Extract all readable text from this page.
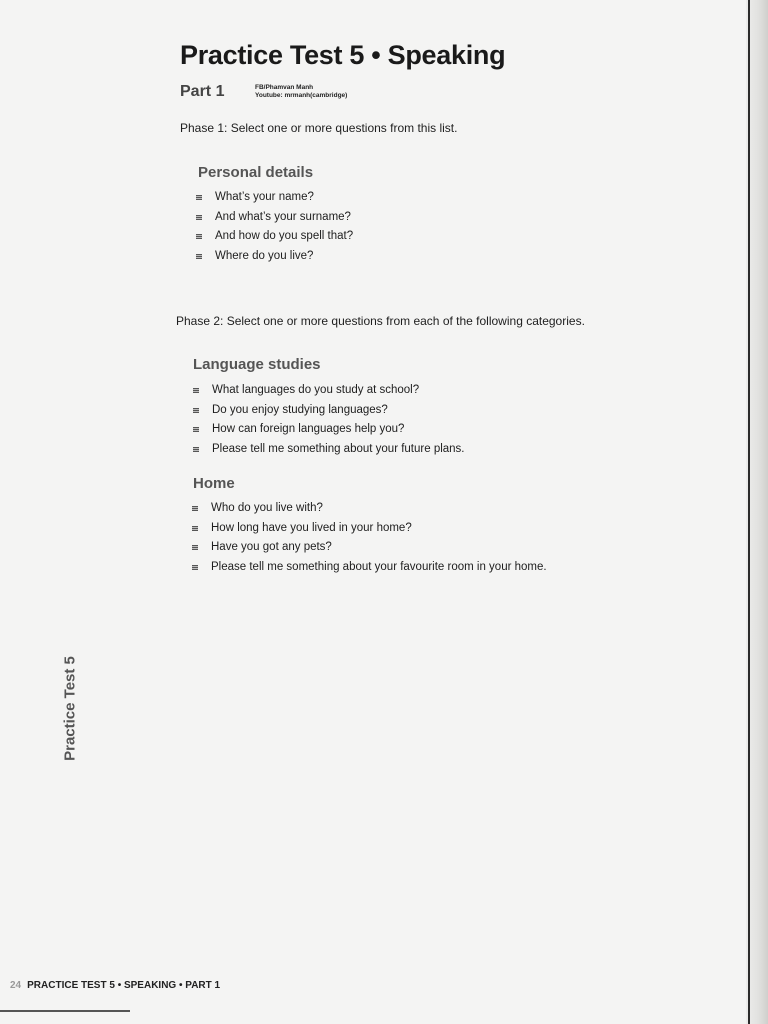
Practice Test 5 • Speaking
Part 1	FB/Phamvan Manh
Youtube: mrmanh(cambridge)
Phase 1: Select one or more questions from this list.
Personal details
What’s your name?
And what’s your surname?
And how do you spell that?
Where do you live?
Phase 2: Select one or more questions from each of the following categories.
Language studies
What languages do you study at school?
Do you enjoy studying languages?
How can foreign languages help you?
Please tell me something about your future plans.
Home
Who do you live with?
How long have you lived in your home?
Have you got any pets?
Please tell me something about your favourite room in your home.
Practice Test 5
24 PRACTICE TEST 5 • SPEAKING • PART 1
